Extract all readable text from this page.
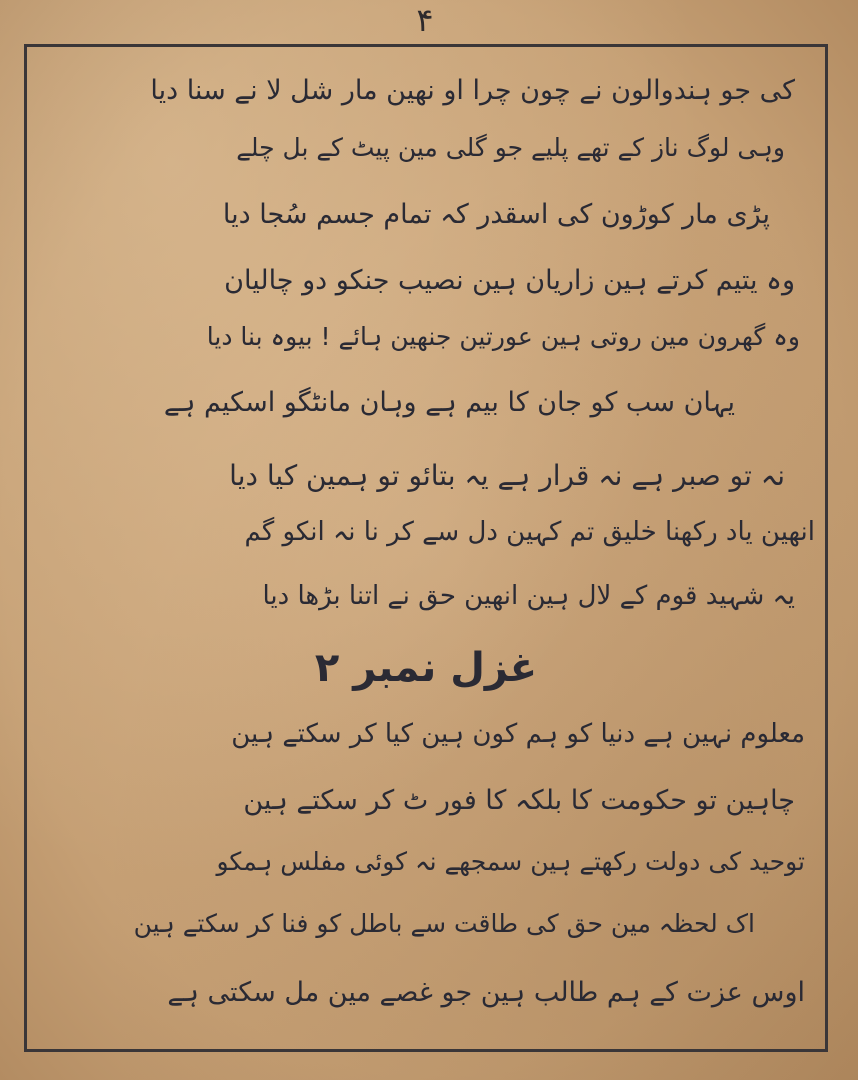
۴
کی جو ہندوالون نے چون چرا او نھین مار شل لا نے سنا دیا
وہی لوگ ناز کے تھے پلیے جو گلی مین پیٹ کے بل چلے
پڑی مار کوڑون کی اسقدر کہ تمام جسم سُجا دیا
وہ یتیم کرتے ہین زاریان ہین نصیب جنکو دو چالیان
وہ گھرون مین روتی ہین عورتین جنھین ہائے ! بیوہ بنا دیا
یہان سب کو جان کا بیم ہے وہان مانٹگو اسکیم ہے
نہ تو صبر ہے نہ قرار ہے یہ بتائو تو ہمین کیا دیا
انھین یاد رکھنا خلیق تم کہین دل سے کر نا نہ انکو گم
یہ شہید قوم کے لال ہین انھین حق نے اتنا بڑھا دیا
غزل نمبر ۲
معلوم نہین ہے دنیا کو ہم کون ہین کیا کر سکتے ہین
چاہین تو حکومت کا بلکہ کا فور ٹ کر سکتے ہین
توحید کی دولت رکھتے ہین سمجھے نہ کوئی مفلس ہمکو
اک لحظہ مین حق کی طاقت سے باطل کو فنا کر سکتے ہین
اوس عزت کے ہم طالب ہین جو غصے مین مل سکتی ہے
